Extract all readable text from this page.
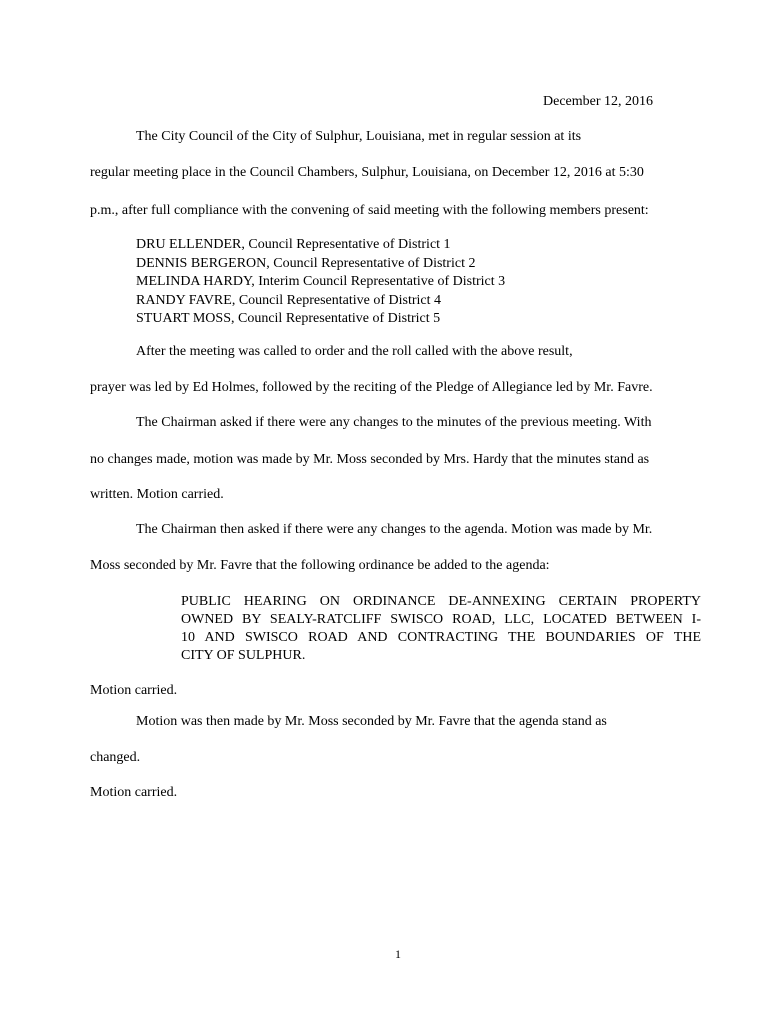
December 12, 2016
The City Council of the City of Sulphur, Louisiana, met in regular session at its
regular meeting place in the Council Chambers, Sulphur, Louisiana, on December 12, 2016 at 5:30
p.m., after full compliance with the convening of said meeting with the following members present:
DRU ELLENDER, Council Representative of District 1
DENNIS BERGERON, Council Representative of District 2
MELINDA HARDY, Interim Council Representative of District 3
RANDY FAVRE, Council Representative of District 4
STUART MOSS, Council Representative of District 5
After the meeting was called to order and the roll called with the above result,
prayer was led by Ed Holmes, followed by the reciting of the Pledge of Allegiance led by Mr. Favre.
The Chairman asked if there were any changes to the minutes of the previous meeting. With
no changes made, motion was made by Mr. Moss seconded by Mrs. Hardy that the minutes stand as
written. Motion carried.
The Chairman then asked if there were any changes to the agenda. Motion was made by Mr.
Moss seconded by Mr. Favre that the following ordinance be added to the agenda:
PUBLIC HEARING ON ORDINANCE DE-ANNEXING CERTAIN PROPERTY
OWNED BY SEALY-RATCLIFF SWISCO ROAD, LLC, LOCATED BETWEEN I-
10 AND SWISCO ROAD AND CONTRACTING THE BOUNDARIES OF THE
CITY OF SULPHUR.
Motion carried.
Motion was then made by Mr. Moss seconded by Mr. Favre that the agenda stand as
changed.
Motion carried.
1
